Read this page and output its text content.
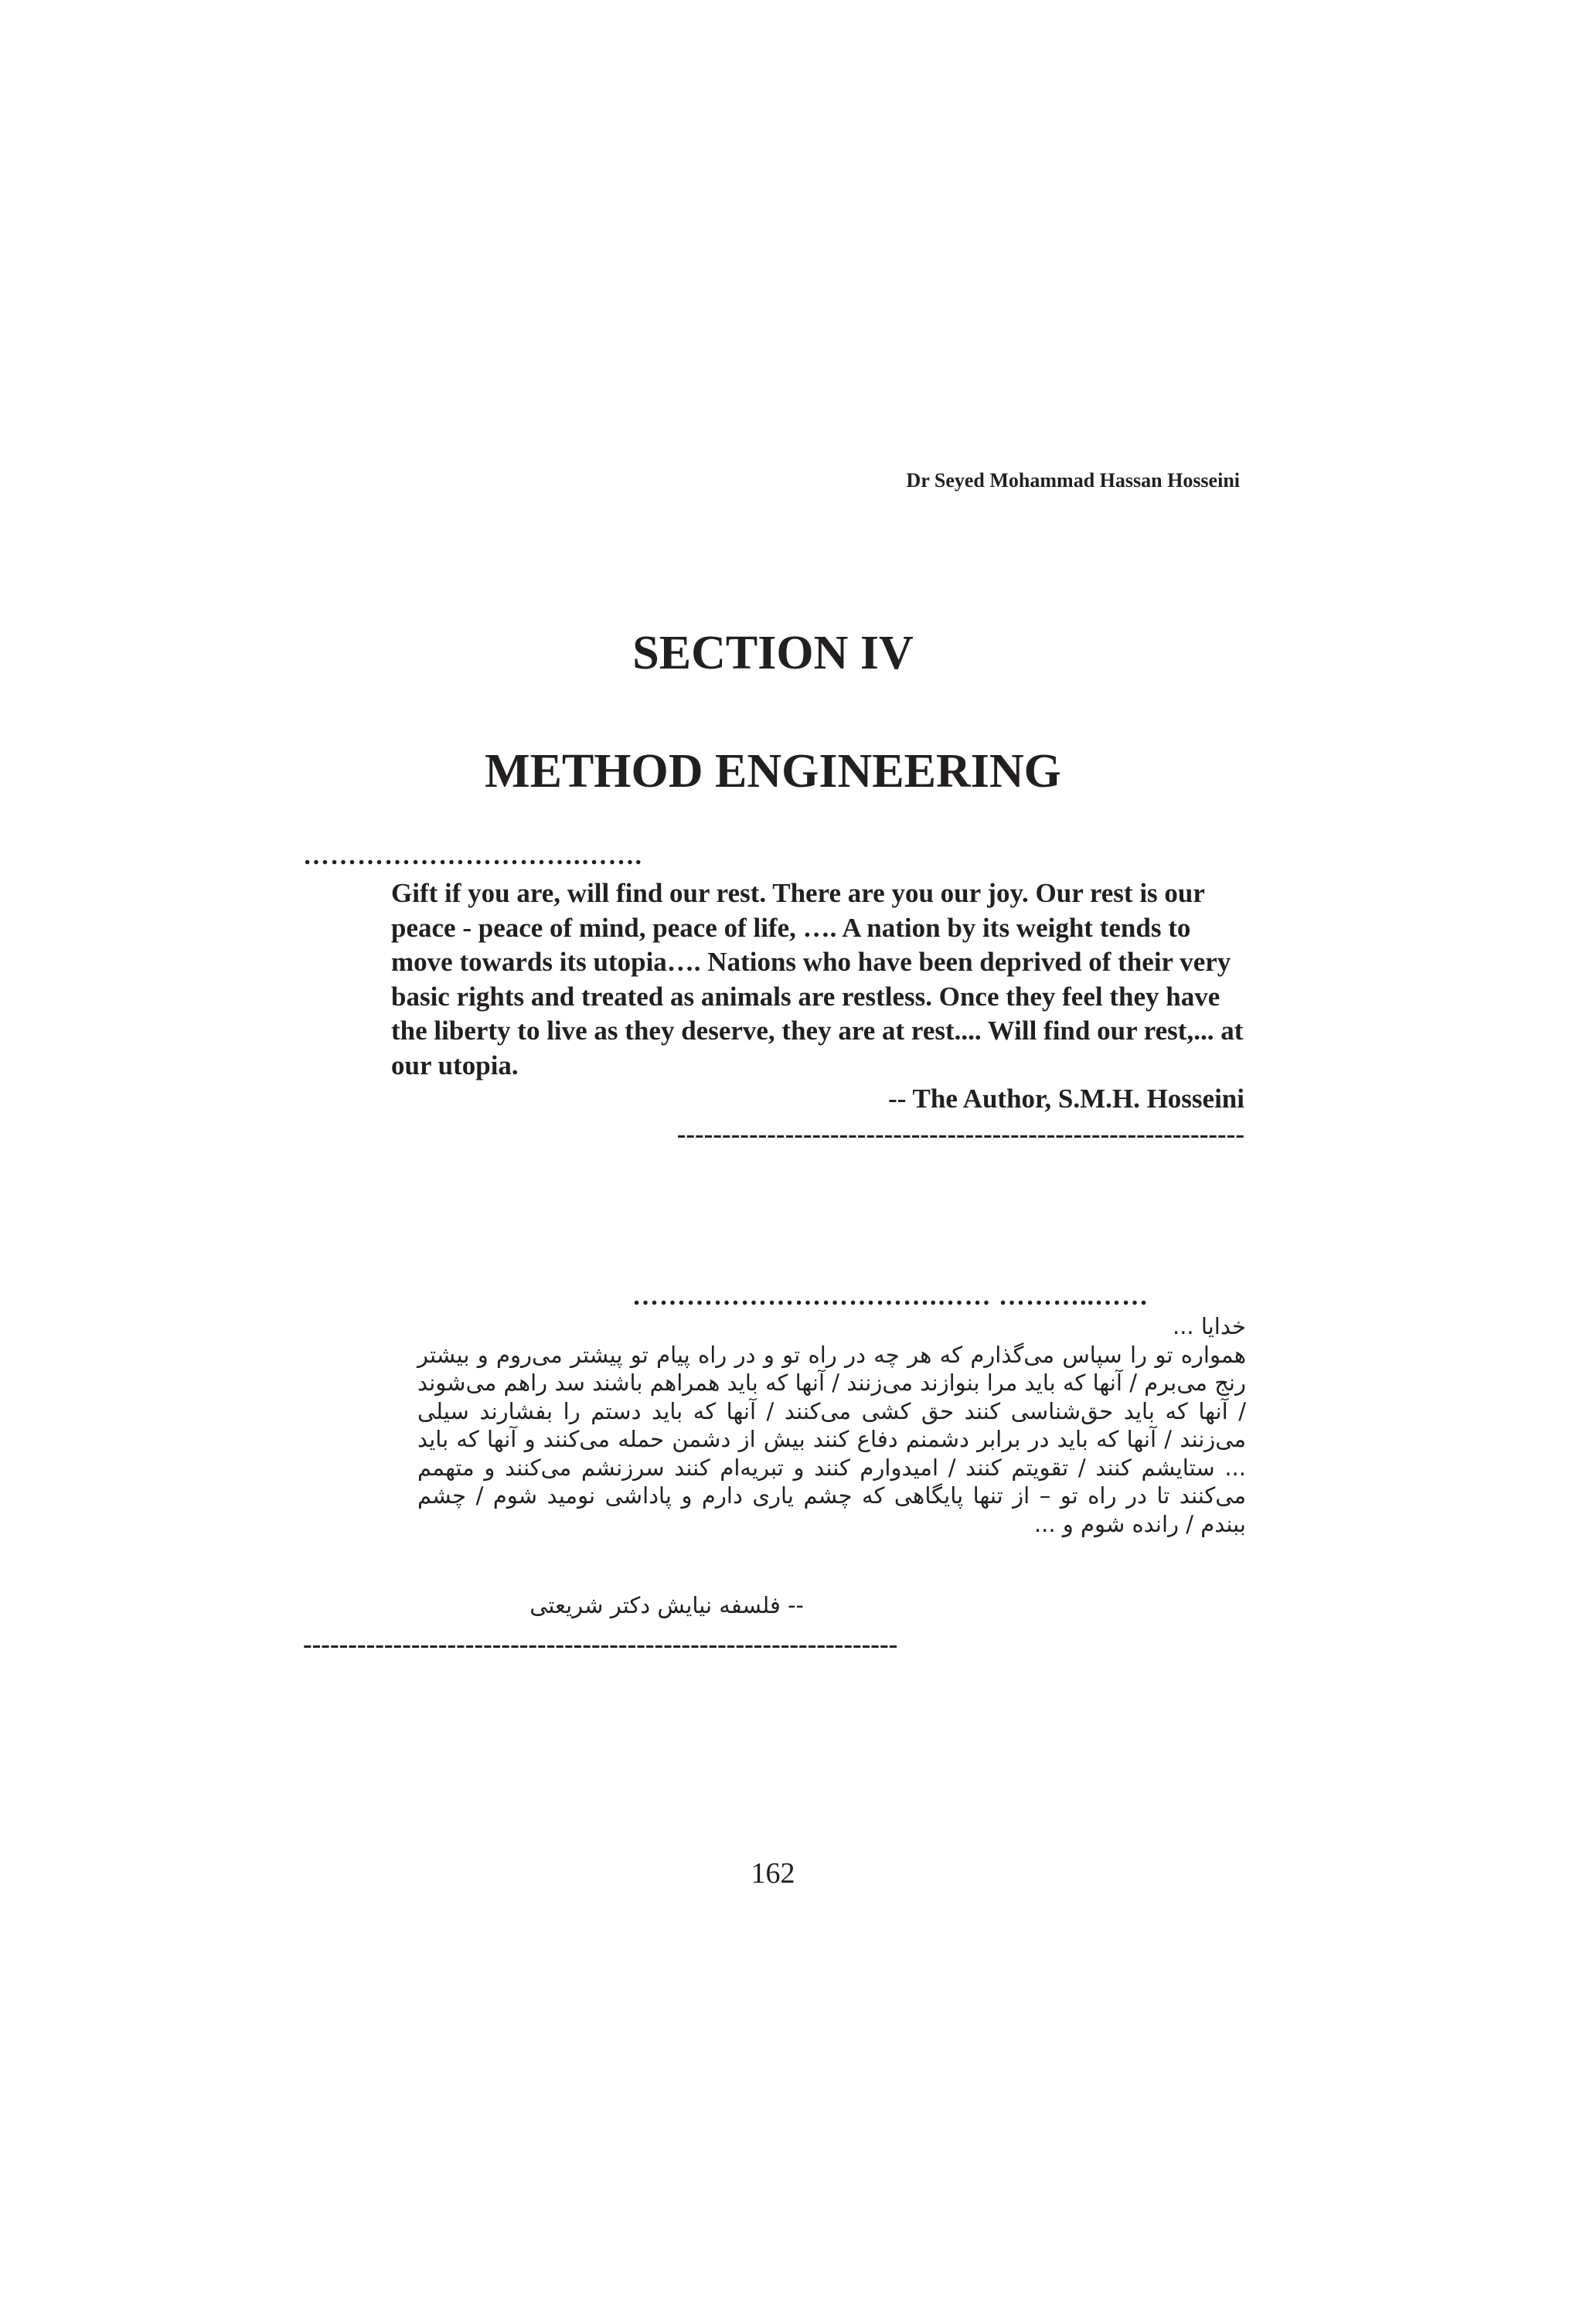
Dr Seyed Mohammad Hassan Hosseini
SECTION IV
METHOD ENGINEERING
………………………….…….

Gift if you are, will find our rest. There are you our joy. Our rest is our peace - peace of mind, peace of life, …. A nation by its weight tends to move towards its utopia…. Nations who have been deprived of their very basic rights and treated as animals are restless. Once they feel they have the liberty to live as they deserve, they are at rest.... Will find our rest,... at our utopia.

-- The Author, S.M.H. Hosseini
---------------------------------------------------------------
…………………………….…… ………..……

خدایا ...

همواره تو را سپاس می‌گذارم که هر چه در راه تو و در راه پیام تو پیشتر می‌روم و بیشتر رنج می‌برم / آنها که باید مرا بنوازند می‌زنند / آنها که باید همراهم باشند سد راهم می‌شوند / آنها که باید حق‌شناسی کنند حق کشی می‌کنند / آنها که باید دستم را بفشارند سیلی می‌زنند / آنها که باید در برابر دشمنم دفاع کنند بیش از دشمن حمله می‌کنند و آنها که باید ... ستایشم کنند / تقویتم کنند / امیدوارم کنند و تبریه‌ام کنند سرزنشم می‌کنند و متهمم می‌کنند تا در راه تو – از تنها پایگاهی که چشم یاری دارم و پاداشی نومید شوم / چشم ببندم / رانده شوم و ...

-- فلسفه نیایش دکتر شریعتی
------------------------------------------------------------------
162
